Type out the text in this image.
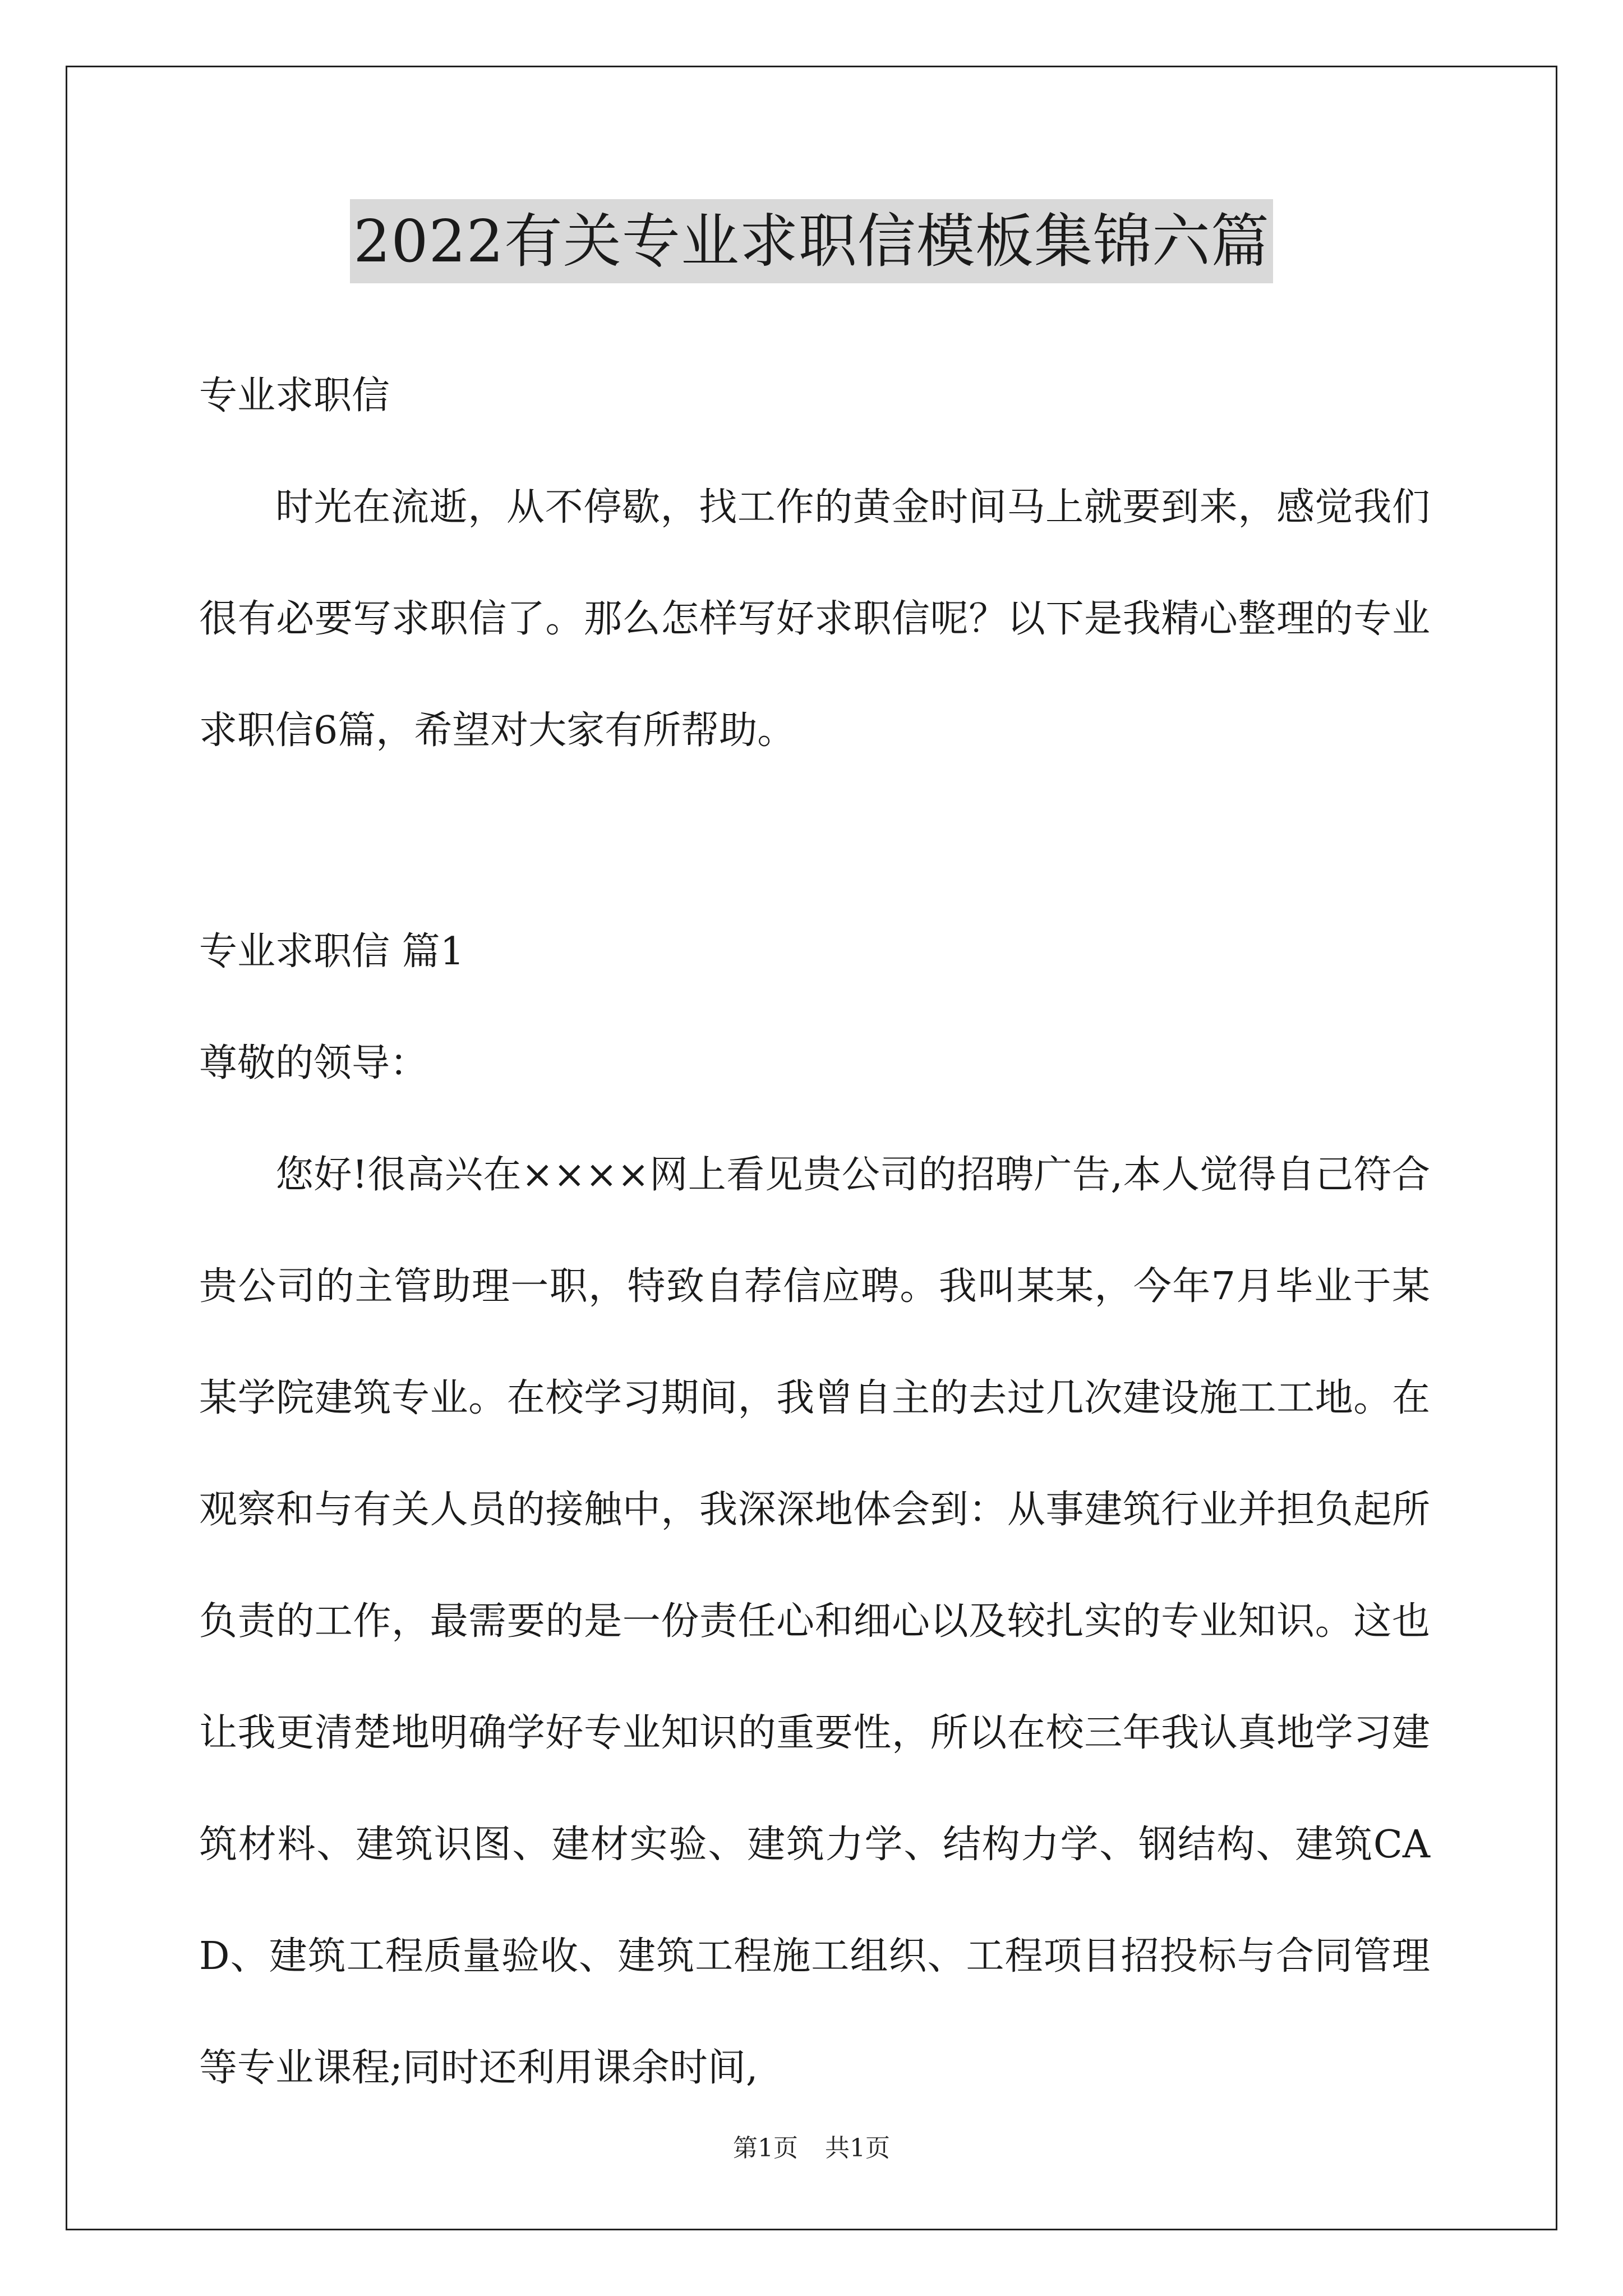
2022有关专业求职信模板集锦六篇

专业求职信

时光在流逝，从不停歇，找工作的黄金时间马上就要到来，感觉我们很有必要写求职信了。那么怎样写好求职信呢？以下是我精心整理的专业求职信6篇，希望对大家有所帮助。

专业求职信 篇1

尊敬的领导：

您好!很高兴在××××网上看见贵公司的招聘广告,本人觉得自己符合贵公司的主管助理一职，特致自荐信应聘。我叫某某，今年7月毕业于某某学院建筑专业。在校学习期间，我曾自主的去过几次建设施工工地。在观察和与有关人员的接触中，我深深地体会到：从事建筑行业并担负起所负责的工作，最需要的是一份责任心和细心以及较扎实的专业知识。这也让我更清楚地明确学好专业知识的重要性，所以在校三年我认真地学习建筑材料、建筑识图、建材实验、建筑力学、结构力学、钢结构、建筑CAD、建筑工程质量验收、建筑工程施工组织、工程项目招投标与合同管理等专业课程;同时还利用课余时间,

第1页 共1页
